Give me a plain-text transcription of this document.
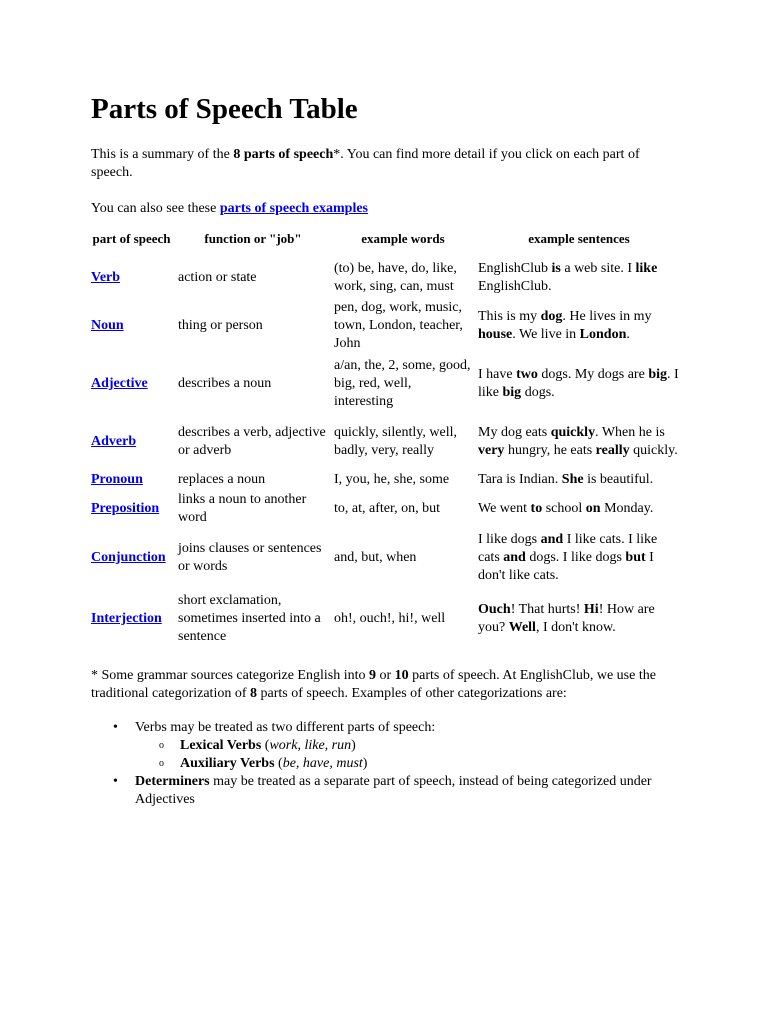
Parts of Speech Table

This is a summary of the 8 parts of speech*. You can find more detail if you click on each part of speech.

You can also see these parts of speech examples

part of speech	function or "job"	example words	example sentences
Verb	action or state	(to) be, have, do, like, work, sing, can, must	EnglishClub is a web site. I like EnglishClub.
Noun	thing or person	pen, dog, work, music, town, London, teacher, John	This is my dog. He lives in my house. We live in London.
Adjective	describes a noun	a/an, the, 2, some, good, big, red, well, interesting	I have two dogs. My dogs are big. I like big dogs.
Adverb	describes a verb, adjective or adverb	quickly, silently, well, badly, very, really	My dog eats quickly. When he is very hungry, he eats really quickly.
Pronoun	replaces a noun	I, you, he, she, some	Tara is Indian. She is beautiful.
Preposition	links a noun to another word	to, at, after, on, but	We went to school on Monday.
Conjunction	joins clauses or sentences or words	and, but, when	I like dogs and I like cats. I like cats and dogs. I like dogs but I don't like cats.
Interjection	short exclamation, sometimes inserted into a sentence	oh!, ouch!, hi!, well	Ouch! That hurts! Hi! How are you? Well, I don't know.

* Some grammar sources categorize English into 9 or 10 parts of speech. At EnglishClub, we use the traditional categorization of 8 parts of speech. Examples of other categorizations are:

• Verbs may be treated as two different parts of speech:
o Lexical Verbs (work, like, run)
o Auxiliary Verbs (be, have, must)
• Determiners may be treated as a separate part of speech, instead of being categorized under Adjectives
